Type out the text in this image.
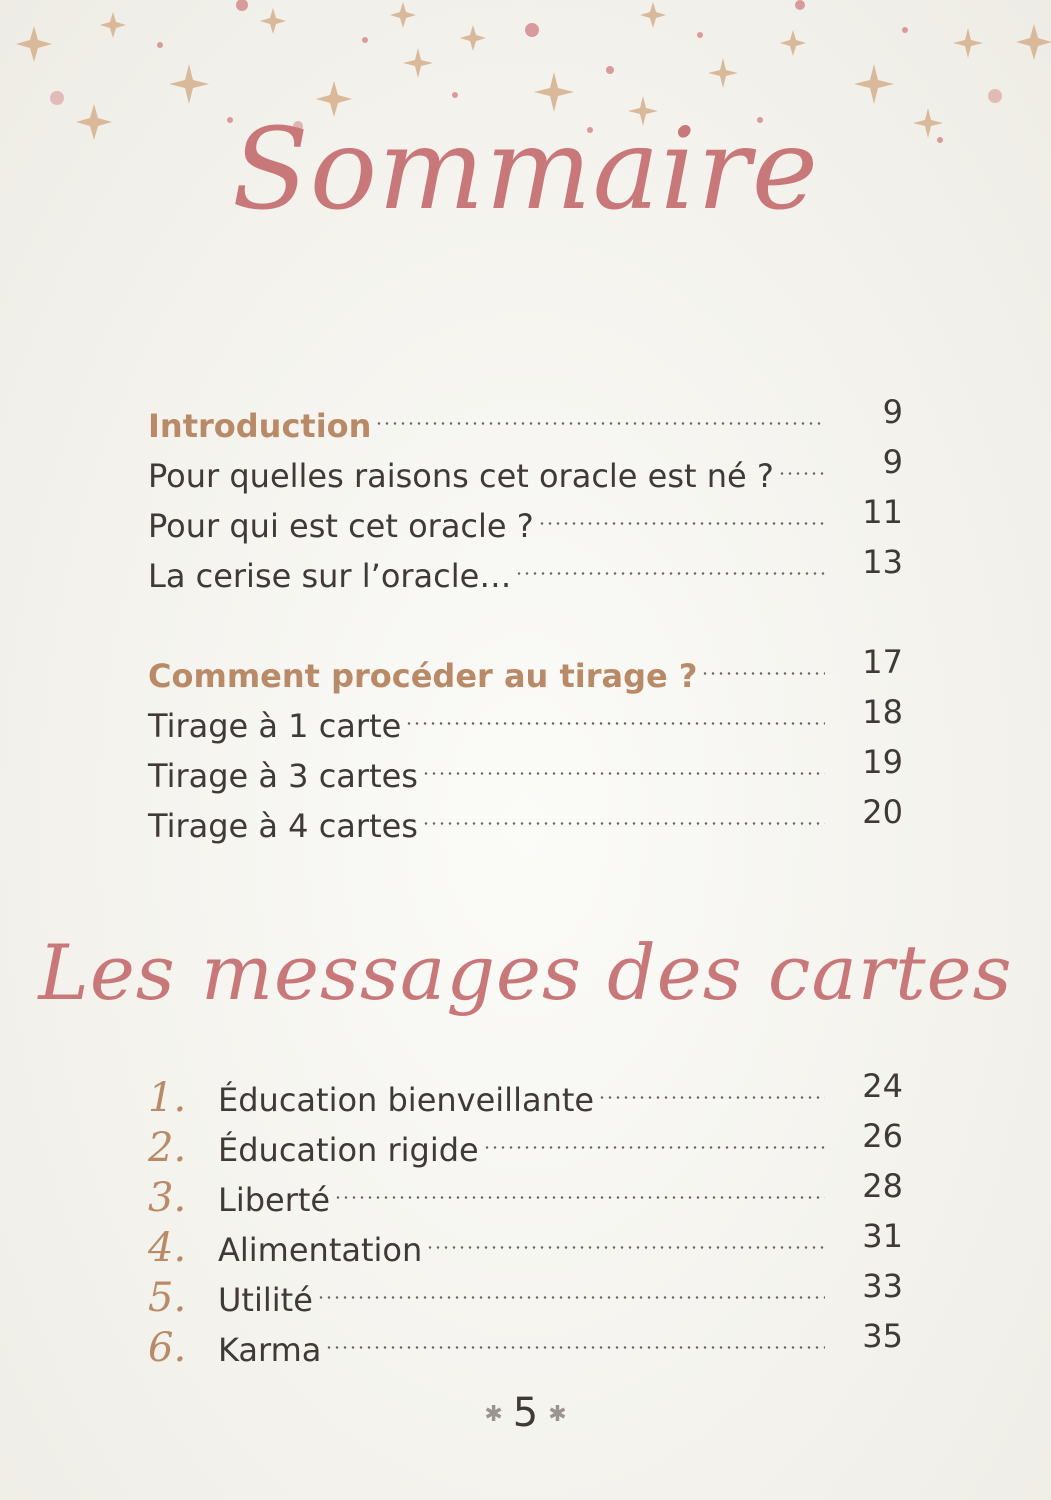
Sommaire
Introduction	9
Pour quelles raisons cet oracle est né ?	9
Pour qui est cet oracle ?	11
La cerise sur l’oracle…	13
Comment procéder au tirage ?	17
Tirage à 1 carte	18
Tirage à 3 cartes	19
Tirage à 4 cartes	20
Les messages des cartes
1. Éducation bienveillante	24
2. Éducation rigide	26
3. Liberté	28
4. Alimentation	31
5. Utilité	33
6. Karma	35
✱ 5 ✱
